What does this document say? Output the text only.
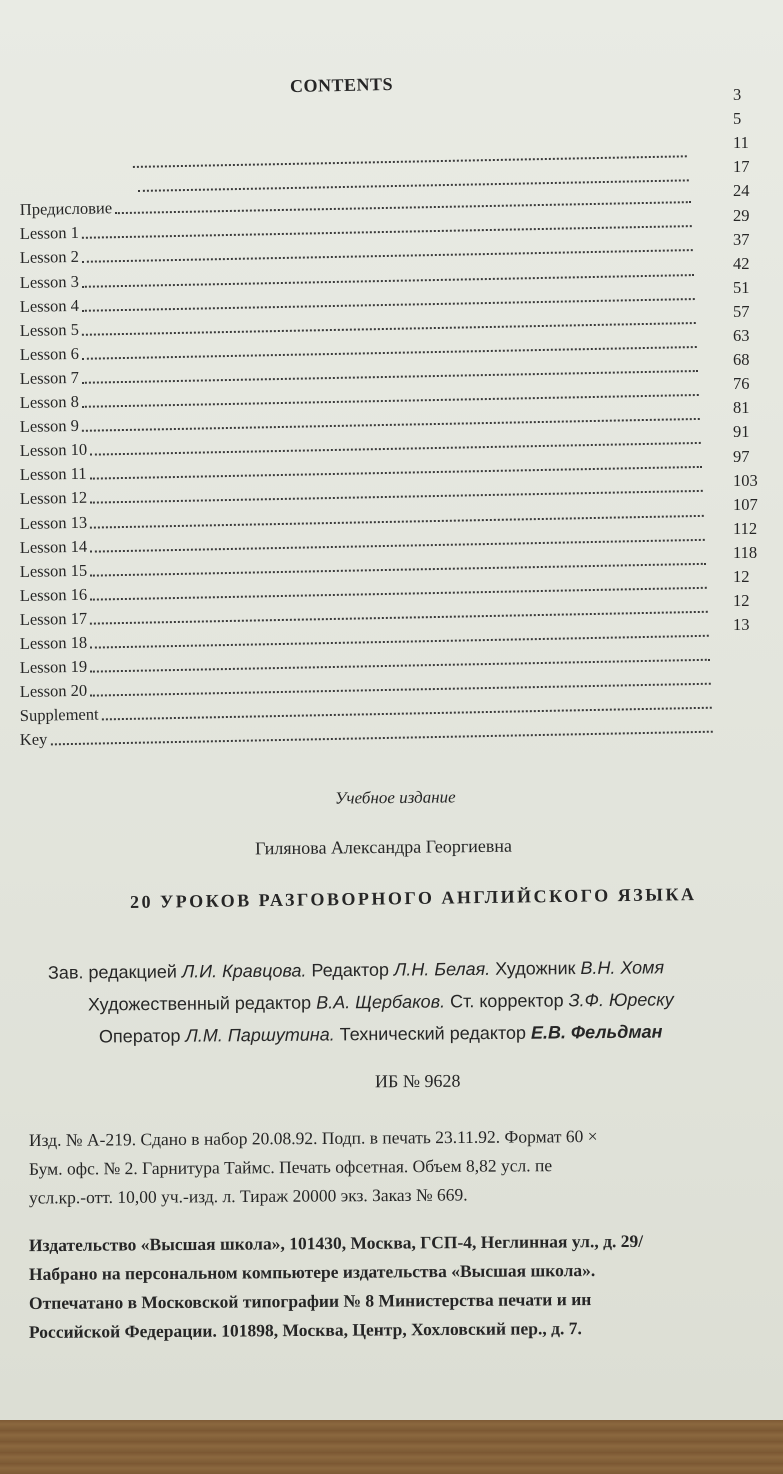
CONTENTS	3
5
Предисловие
11
Lesson 1
17
Lesson 2
24
Lesson 3
29
Lesson 4
37
Lesson 5
42
Lesson 6
51
Lesson 7
57
Lesson 8
63
Lesson 9
68
Lesson 10
76
Lesson 11
81
Lesson 12
91
Lesson 13
97
Lesson 14
103
Lesson 15
107
Lesson 16
112
Lesson 17
118
Lesson 18
12
Lesson 19
12
Lesson 20
13
Supplement
Key
Учебное издание
Гилянова Александра Георгиевна
20 УРОКОВ РАЗГОВОРНОГО АНГЛИЙСКОГО ЯЗЫКА
Зав. редакцией Л.И. Кравцова. Редактор Л.Н. Белая. Художник В.Н. Хомя
Художественный редактор В.А. Щербаков. Ст. корректор З.Ф. Юреску
Оператор Л.М. Паршутина. Технический редактор Е.В. Фельдман
ИБ № 9628
Изд. № А-219. Сдано в набор 20.08.92. Подп. в печать 23.11.92. Формат 60 ×
Бум. офс. № 2. Гарнитура Таймс. Печать офсетная. Объем 8,82 усл. пе
усл.кр.-отт. 10,00 уч.-изд. л. Тираж 20000 экз. Заказ № 669.
Издательство «Высшая школа», 101430, Москва, ГСП-4, Неглинная ул., д. 29/
Набрано на персональном компьютере издательства «Высшая школа».
Отпечатано в Московской типографии № 8 Министерства печати и ин
Российской Федерации. 101898, Москва, Центр, Хохловский пер., д. 7.
